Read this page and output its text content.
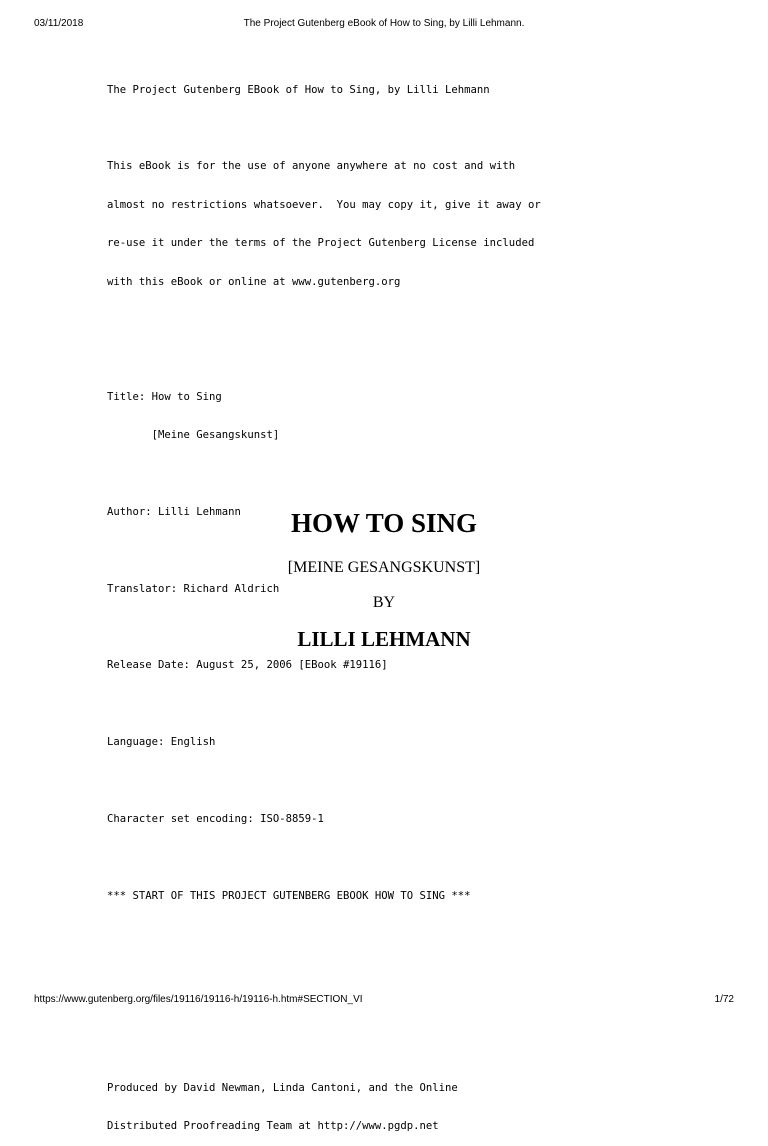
03/11/2018	The Project Gutenberg eBook of How to Sing, by Lilli Lehmann.

The Project Gutenberg EBook of How to Sing, by Lilli Lehmann

This eBook is for the use of anyone anywhere at no cost and with

almost no restrictions whatsoever.  You may copy it, give it away or

re-use it under the terms of the Project Gutenberg License included

with this eBook or online at www.gutenberg.org

Title: How to Sing

[Meine Gesangskunst]

Author: Lilli Lehmann

Translator: Richard Aldrich

Release Date: August 25, 2006 [EBook #19116]

Language: English

Character set encoding: ISO-8859-1

*** START OF THIS PROJECT GUTENBERG EBOOK HOW TO SING ***

Produced by David Newman, Linda Cantoni, and the Online

Distributed Proofreading Team at http://www.pgdp.net

HOW TO SING
[MEINE GESANGSKUNST]
BY
LILLI LEHMANN
https://www.gutenberg.org/files/19116/19116-h/19116-h.htm#SECTION_VI	1/72
